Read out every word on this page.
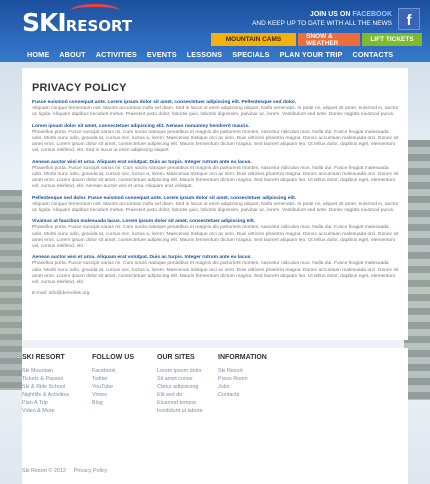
SKIRESORT
JOIN US ON FACEBOOK
AND KEEP UP TO DATE WITH ALL THE NEWS f
MOUNTAIN CAMS	SNOW & WEATHER	LIFT TICKETS
HOME ABOUT ACTIVITIES EVENTS LESSONS SPECIALS PLAN YOUR TRIP CONTACTS
PRIVACY POLICY
Fusce euismod consequat ante. Lorem ipsum dolor sit amet, consectetuer adipiscing elit. Pellentesque sed dolor.
Aliquam congue fermentum nisl. Mauris accumsan nulla vel diam. Sed in lacus ut enim adipiscing aliquet. Nulla venenatis. In pede mi, aliquet sit amet, euismod in, auctor ut, ligula. Aliquam dapibus tincidunt metus. Praesent justo dolor, lobortis quis, lobortis dignissim, pulvinar ac, lorem. Vestibulum sed ante. Donec sagittis euismod purus.
Lorem ipsum dolor sit amet, consectetuer adipiscing elit. Aenean nonummy hendrerit mauris.
Phasellus porta. Fusce suscipit varius mi. Cum sociis natoque penatibus et magnis dis parturient montes, nascetur ridiculus mus. Nulla dui. Fusce feugiat malesuada odio. Morbi nunc odio, gravida at, cursus nec, luctus a, lorem. Maecenas tristique orci ac sem. Duis ultricies pharetra magna. Donec accumsan malesuada orci. Donec sit amet eros. Lorem ipsum dolor sit amet, consectetuer adipiscing elit. Mauris fermentum dictum magna. Sed laoreet aliquam leo. Ut tellus dolor, dapibus eget, elementum vel, cursus eleifend, elit. Sed in lacus ut enim adipiscing aliquet.
Aenean auctor wisi et urna. Aliquam erat volutpat. Duis ac turpis. Integer rutrum ante eu lacus.
Phasellus porta. Fusce suscipit varius mi. Cum sociis natoque penatibus et magnis dis parturient montes, nascetur ridiculus mus. Nulla dui. Fusce feugiat malesuada odio. Morbi nunc odio, gravida at, cursus nec, luctus a, lorem. Maecenas tristique orci ac sem. Duis ultricies pharetra magna. Donec accumsan malesuada orci. Donec sit amet eros. Lorem ipsum dolor sit amet, consectetuer adipiscing elit. Mauris fermentum dictum magna. Sed laoreet aliquam leo. Ut tellus dolor, dapibus eget, elementum vel, cursus eleifend, elit. Aenean auctor wisi et urna. Aliquam erat volutpat.
Pellentesque sed dolor. Fusce euismod consequat ante. Lorem ipsum dolor sit amet, consectetuer adipiscing elit.
Aliquam congue fermentum nisl. Mauris accumsan nulla vel diam. Sed in lacus ut enim adipiscing aliquet. Nulla venenatis. In pede mi, aliquet sit amet, euismod in, auctor ut, ligula. Aliquam dapibus tincidunt metus. Praesent justo dolor, lobortis quis, lobortis dignissim, pulvinar ac, lorem. Vestibulum sed ante. Donec sagittis euismod purus.
Vivamus at faucibus malesuada lacus. Lorem ipsum dolor sit amet, consectetuer adipiscing elit.
Phasellus porta. Fusce suscipit varius mi. Cum sociis natoque penatibus et magnis dis parturient montes, nascetur ridiculus mus. Nulla dui. Fusce feugiat malesuada odio. Morbi nunc odio, gravida at, cursus nec, luctus a, lorem. Maecenas tristique orci ac sem. Duis ultricies pharetra magna. Donec accumsan malesuada orci. Donec sit amet eros. Lorem ipsum dolor sit amet, consectetuer adipiscing elit. Mauris fermentum dictum magna. Sed laoreet aliquam leo. Ut tellus dolor, dapibus eget, elementum vel, cursus eleifend, elit.
Aenean auctor wisi et urna. Aliquam erat volutpat. Duis ac turpis. Integer rutrum ante eu lacus.
Phasellus porta. Fusce suscipit varius mi. Cum sociis natoque penatibus et magnis dis parturient montes, nascetur ridiculus mus. Nulla dui. Fusce feugiat malesuada odio. Morbi nunc odio, gravida at, cursus nec, luctus a, lorem. Maecenas tristique orci ac sem. Duis ultricies pharetra magna. Donec accumsan malesuada orci. Donec sit amet eros. Lorem ipsum dolor sit amet, consectetuer adipiscing elit. Mauris fermentum dictum magna. Sed laoreet aliquam leo. Ut tellus dolor, dapibus eget, elementum vel, cursus eleifend, elit.
E-mail: info@demolink.org
SKI RESORT
Ski Mountain
Tickets & Passes
Ski & Ride School
Nightlife & Activities
Plan A Trip
Video & More
FOLLOW US
Facebook
Twitter
YouTube
Vimeo
Blog
OUR SITES
Lorem ipsum dolor
Sit amet conse
Ctetur adipisicing
Elit sed do
Eiusmod tempor
Incididunt ut labore
INFORMATION
Ski Resort
Press Room
Jobs
Contacts
Ski Resort © 2012 Privacy Policy
